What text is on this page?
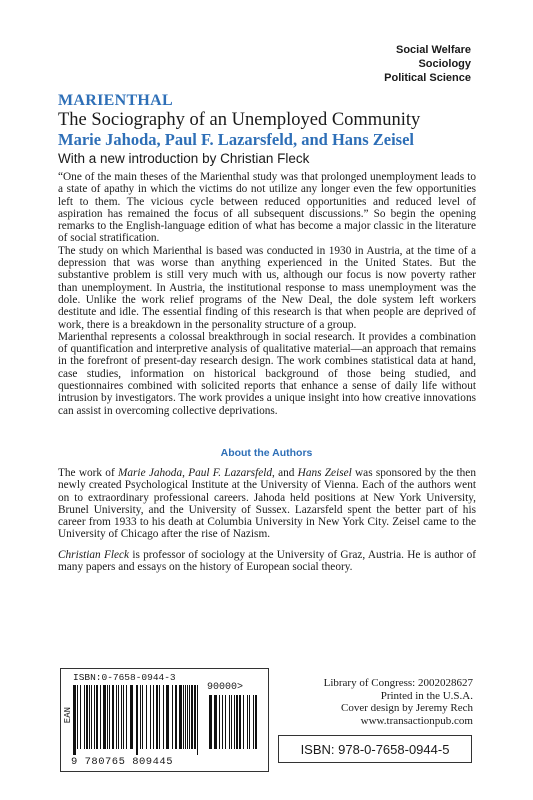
Social Welfare
Sociology
Political Science
MARIENTHAL
The Sociography of an Unemployed Community
Marie Jahoda, Paul F. Lazarsfeld, and Hans Zeisel
With a new introduction by Christian Fleck

“One of the main theses of the Marienthal study was that prolonged unemployment leads to a state of apathy in which the victims do not utilize any longer even the few opportunities left to them. The vicious cycle between reduced opportunities and reduced level of aspiration has remained the focus of all subsequent discussions.” So begin the opening remarks to the English-language edition of what has become a major classic in the literature of social stratification.

The study on which Marienthal is based was conducted in 1930 in Austria, at the time of a depression that was worse than anything experienced in the United States. But the substantive problem is still very much with us, although our focus is now poverty rather than unemployment. In Austria, the institutional response to mass unemployment was the dole. Unlike the work relief programs of the New Deal, the dole system left workers destitute and idle. The essential finding of this research is that when people are deprived of work, there is a breakdown in the personality structure of a group.

Marienthal represents a colossal breakthrough in social research. It provides a combination of quantification and interpretive analysis of qualitative material—an approach that remains in the forefront of present-day research design. The work combines statistical data at hand, case studies, information on historical background of those being studied, and questionnaires combined with solicited reports that enhance a sense of daily life without intrusion by investigators. The work provides a unique insight into how creative innovations can assist in overcoming collective deprivations.

About the Authors

The work of Marie Jahoda, Paul F. Lazarsfeld, and Hans Zeisel was sponsored by the then newly created Psychological Institute at the University of Vienna. Each of the authors went on to extraordinary professional careers. Jahoda held positions at New York University, Brunel University, and the University of Sussex. Lazarsfeld spent the better part of his career from 1933 to his death at Columbia University in New York City. Zeisel came to the University of Chicago after the rise of Nazism.

Christian Fleck is professor of sociology at the University of Graz, Austria. He is author of many papers and essays on the history of European social theory.

ISBN:0-7658-0944-3
EAN
90000>
9 780765 809445
Library of Congress: 2002028627
Printed in the U.S.A.
Cover design by Jeremy Rech
www.transactionpub.com
ISBN: 978-0-7658-0944-5
